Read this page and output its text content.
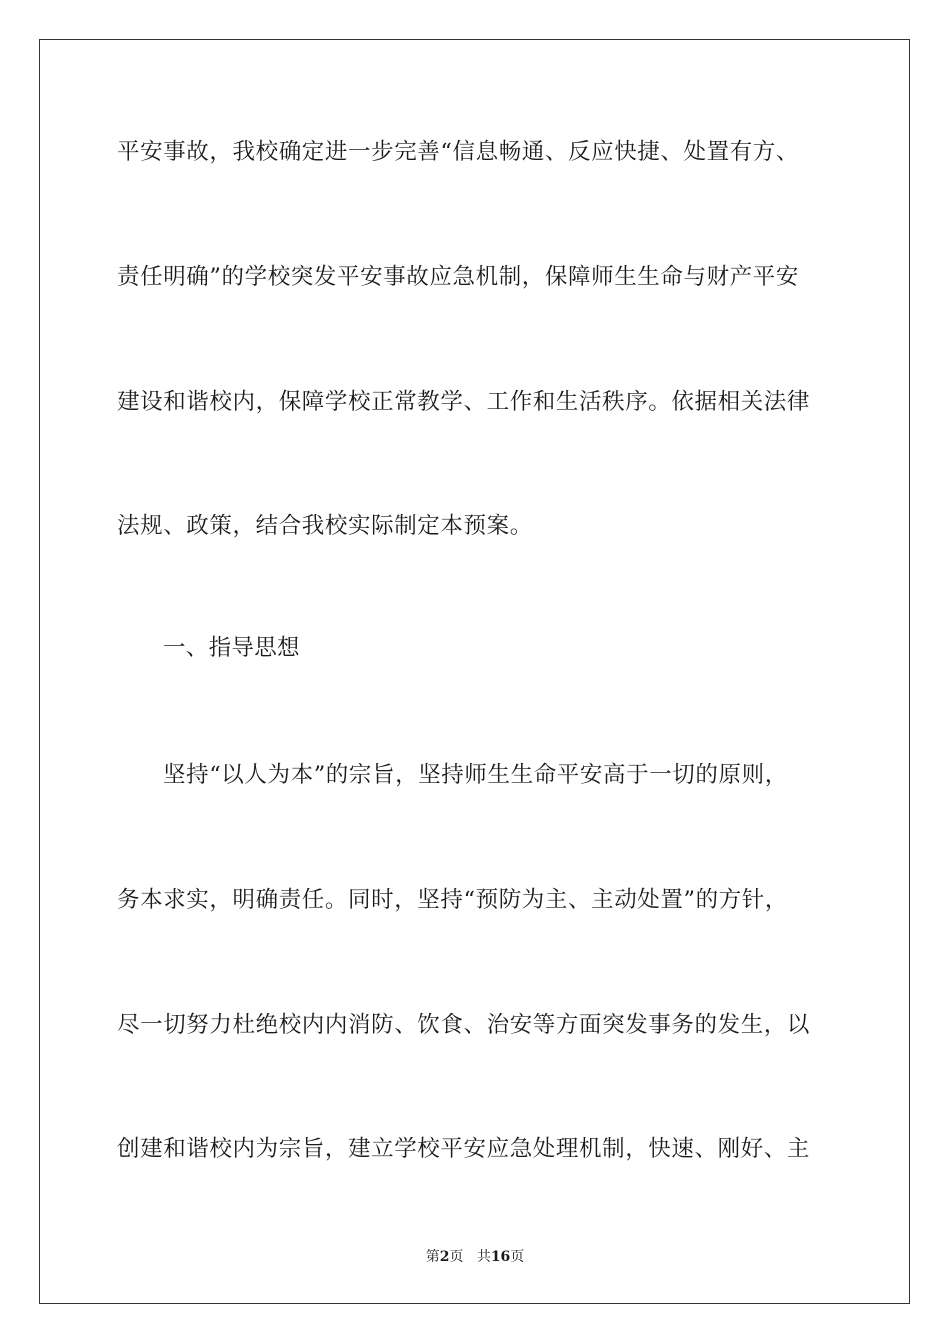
平安事故，我校确定进一步完善“信息畅通、反应快捷、处置有方、
责任明确”的学校突发平安事故应急机制，保障师生生命与财产平安
建设和谐校内，保障学校正常教学、工作和生活秩序。依据相关法律
法规、政策，结合我校实际制定本预案。
一、指导思想
坚持“以人为本”的宗旨，坚持师生生命平安高于一切的原则，
务本求实，明确责任。同时，坚持“预防为主、主动处置”的方针，
尽一切努力杜绝校内内消防、饮食、治安等方面突发事务的发生，以
创建和谐校内为宗旨，建立学校平安应急处理机制，快速、刚好、主
第2页 共16页
